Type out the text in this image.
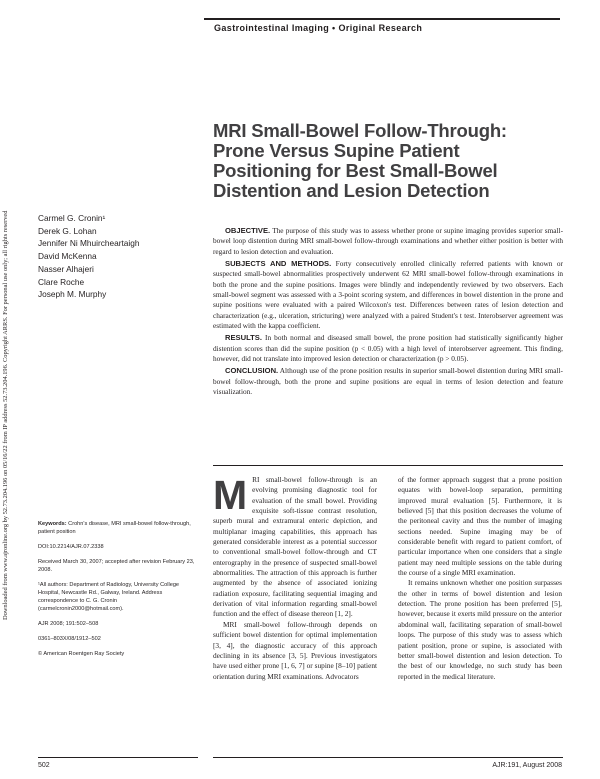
Gastrointestinal Imaging • Original Research
Downloaded from www.ajronline.org by 52.73.204.196 on 05/16/22 from IP address 52.73.204.196. Copyright ARRS. For personal use only; all rights reserved
MRI Small-Bowel Follow-Through:
Prone Versus Supine Patient
Positioning for Best Small-Bowel
Distention and Lesion Detection
Carmel G. Cronin¹
Derek G. Lohan
Jennifer Ni Mhuircheartaigh
David McKenna
Nasser Alhajeri
Clare Roche
Joseph M. Murphy

OBJECTIVE. The purpose of this study was to assess whether prone or supine imaging provides superior small-bowel loop distention during MRI small-bowel follow-through examinations and whether either position is better with regard to lesion detection and evaluation.

SUBJECTS AND METHODS. Forty consecutively enrolled clinically referred patients with known or suspected small-bowel abnormalities prospectively underwent 62 MRI small-bowel follow-through examinations in both the prone and the supine positions. Images were blindly and independently reviewed by two observers. Each small-bowel segment was assessed with a 3-point scoring system, and differences in bowel distention in the prone and supine positions were evaluated with a paired Wilcoxon's test. Differences between rates of lesion detection and characterization (e.g., ulceration, stricturing) were analyzed with a paired Student's t test. Interobserver agreement was estimated with the kappa coefficient.

RESULTS. In both normal and diseased small bowel, the prone position had statistically significantly higher distention scores than did the supine position (p < 0.05) with a high level of interobserver agreement. This finding, however, did not translate into improved lesion detection or characterization (p > 0.05).

CONCLUSION. Although use of the prone position results in superior small-bowel distention during MRI small-bowel follow-through, both the prone and supine positions are equal in terms of lesion detection and feature visualization.

Keywords: Crohn's disease, MRI small-bowel follow-through, patient position

DOI:10.2214/AJR.07.2338

Received March 30, 2007; accepted after revision February 23, 2008.

¹All authors: Department of Radiology, University College Hospital, Newcastle Rd., Galway, Ireland. Address correspondence to C. G. Cronin (carmelcronin2000@hotmail.com).

AJR 2008; 191:502–508

0361–803X/08/1912–502

© American Roentgen Ray Society

MRI small-bowel follow-through is an evolving promising diagnostic tool for evaluation of the small bowel. Providing exquisite soft-tissue contrast resolution, superb mural and extramural enteric depiction, and multiplanar imaging capabilities, this approach has generated considerable interest as a potential successor to conventional small-bowel follow-through and CT enterography in the presence of suspected small-bowel abnormalities. The attraction of this approach is further augmented by the absence of associated ionizing radiation exposure, facilitating sequential imaging and derivation of vital information regarding small-bowel function and the effect of disease thereon [1, 2].

MRI small-bowel follow-through depends on sufficient bowel distention for optimal implementation [3, 4], the diagnostic accuracy of this approach declining in its absence [3, 5]. Previous investigators have used either prone [1, 6, 7] or supine [8–10] patient orientation during MRI examinations. Advocators

of the former approach suggest that a prone position equates with bowel-loop separation, permitting improved mural evaluation [5]. Furthermore, it is believed [5] that this position decreases the volume of the peritoneal cavity and thus the number of imaging sections needed. Supine imaging may be of considerable benefit with regard to patient comfort, of particular importance when one considers that a single patient may need multiple sessions on the table during the course of a single MRI examination.

It remains unknown whether one position surpasses the other in terms of bowel distention and lesion detection. The prone position has been preferred [5], however, because it exerts mild pressure on the anterior abdominal wall, facilitating separation of small-bowel loops. The purpose of this study was to assess which patient position, prone or supine, is associated with better small-bowel distention and lesion detection. To the best of our knowledge, no such study has been reported in the medical literature.

502	AJR:191, August 2008
